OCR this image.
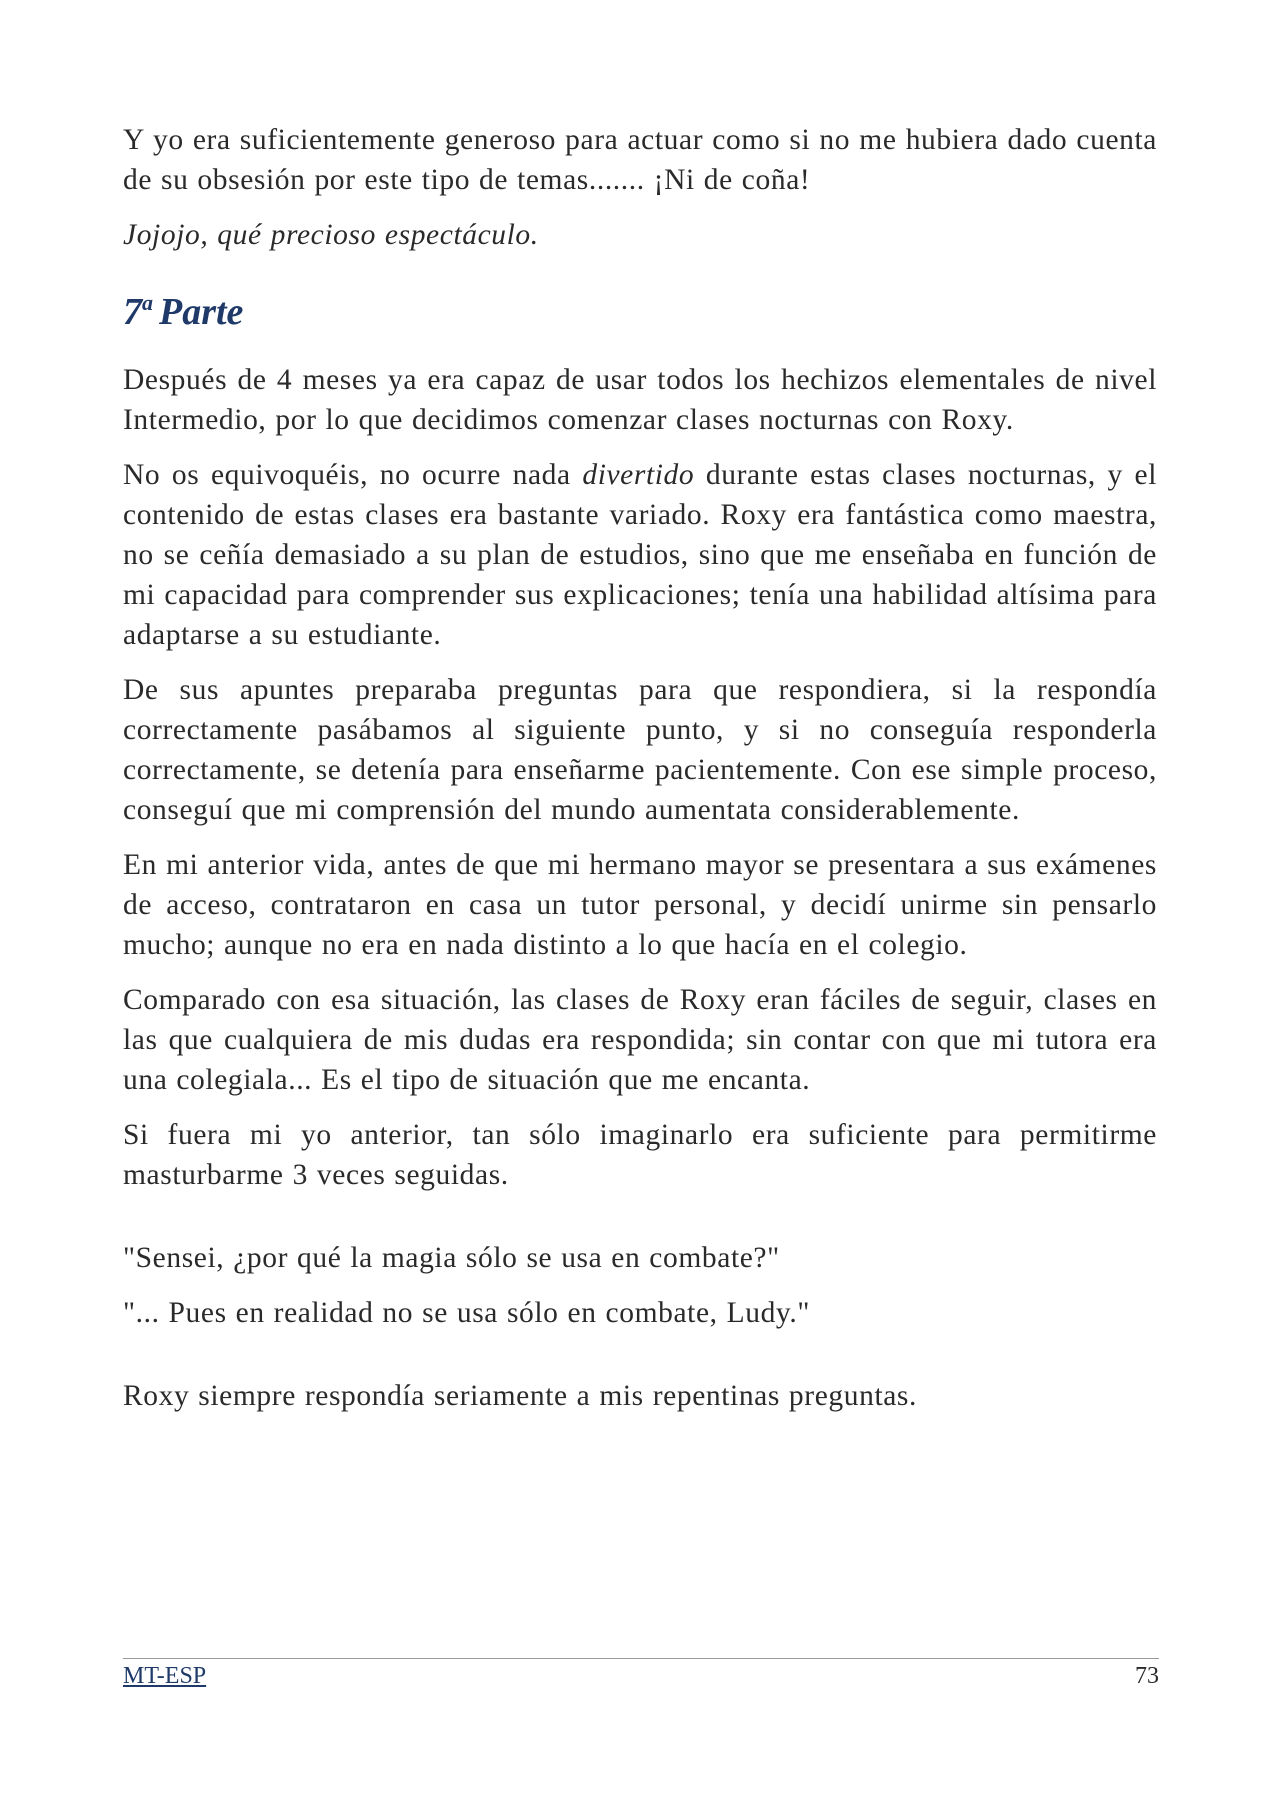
Y yo era suficientemente generoso para actuar como si no me hubiera dado cuenta de su obsesión por este tipo de temas....... ¡Ni de coña!

Jojojo, qué precioso espectáculo.

7$^a$ Parte

Después de 4 meses ya era capaz de usar todos los hechizos elementales de nivel Intermedio, por lo que decidimos comenzar clases nocturnas con Roxy.

No os equivoquéis, no ocurre nada divertido durante estas clases nocturnas, y el contenido de estas clases era bastante variado. Roxy era fantástica como maestra, no se ceñía demasiado a su plan de estudios, sino que me enseñaba en función de mi capacidad para comprender sus explicaciones; tenía una habilidad altísima para adaptarse a su estudiante.

De sus apuntes preparaba preguntas para que respondiera, si la respondía correctamente pasábamos al siguiente punto, y si no conseguía responderla correctamente, se detenía para enseñarme pacientemente. Con ese simple proceso, conseguí que mi comprensión del mundo aumentata considerablemente.

En mi anterior vida, antes de que mi hermano mayor se presentara a sus exámenes de acceso, contrataron en casa un tutor personal, y decidí unirme sin pensarlo mucho; aunque no era en nada distinto a lo que hacía en el colegio.

Comparado con esa situación, las clases de Roxy eran fáciles de seguir, clases en las que cualquiera de mis dudas era respondida; sin contar con que mi tutora era una colegiala... Es el tipo de situación que me encanta.

Si fuera mi yo anterior, tan sólo imaginarlo era suficiente para permitirme masturbarme 3 veces seguidas.

"Sensei, ¿por qué la magia sólo se usa en combate?"

"... Pues en realidad no se usa sólo en combate, Ludy."

Roxy siempre respondía seriamente a mis repentinas preguntas.

MT-ESP	73
